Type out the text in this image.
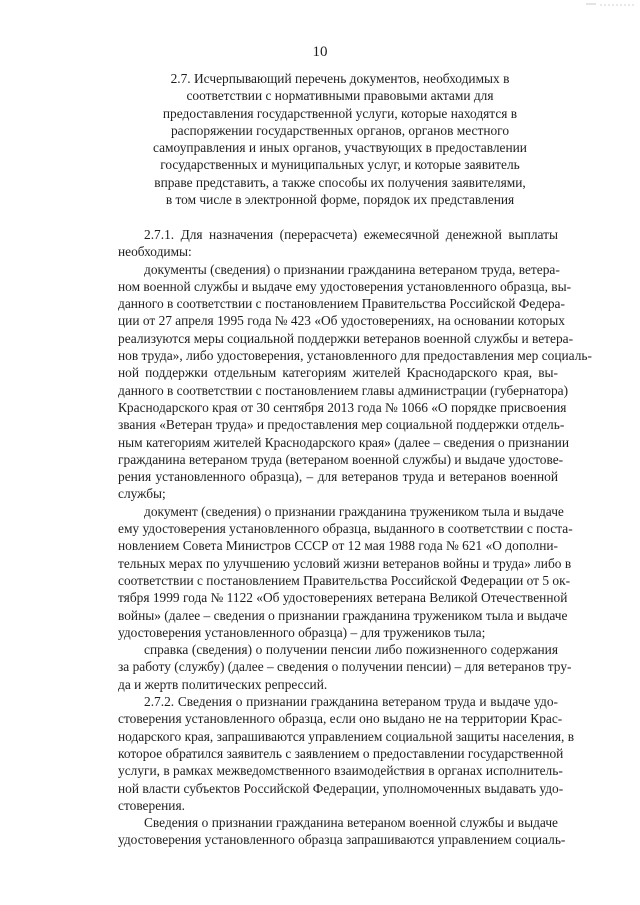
10
2.7. Исчерпывающий перечень документов, необходимых в
соответствии с нормативными правовыми актами для
предоставления государственной услуги, которые находятся в
распоряжении государственных органов, органов местного
самоуправления и иных органов, участвующих в предоставлении
государственных и муниципальных услуг, и которые заявитель
вправе представить, а также способы их получения заявителями,
в том числе в электронной форме, порядок их представления

2.7.1. Для назначения (перерасчета) ежемесячной денежной выплаты
необходимы:

документы (сведения) о признании гражданина ветераном труда, ветера-
ном военной службы и выдаче ему удостоверения установленного образца, вы-
данного в соответствии с постановлением Правительства Российской Федера-
ции от 27 апреля 1995 года № 423 «Об удостоверениях, на основании которых
реализуются меры социальной поддержки ветеранов военной службы и ветера-
нов труда», либо удостоверения, установленного для предоставления мер социаль-
ной поддержки отдельным категориям жителей Краснодарского края, вы-
данного в соответствии с постановлением главы администрации (губернатора)
Краснодарского края от 30 сентября 2013 года № 1066 «О порядке присвоения
звания «Ветеран труда» и предоставления мер социальной поддержки отдель-
ным категориям жителей Краснодарского края» (далее – сведения о признании
гражданина ветераном труда (ветераном военной службы) и выдаче удостове-
рения установленного образца), – для ветеранов труда и ветеранов военной
службы;

документ (сведения) о признании гражданина тружеником тыла и выдаче
ему удостоверения установленного образца, выданного в соответствии с поста-
новлением Совета Министров СССР от 12 мая 1988 года № 621 «О дополни-
тельных мерах по улучшению условий жизни ветеранов войны и труда» либо в
соответствии с постановлением Правительства Российской Федерации от 5 ок-
тября 1999 года № 1122 «Об удостоверениях ветерана Великой Отечественной
войны» (далее – сведения о признании гражданина тружеником тыла и выдаче
удостоверения установленного образца) – для тружеников тыла;

справка (сведения) о получении пенсии либо пожизненного содержания
за работу (службу) (далее – сведения о получении пенсии) – для ветеранов тру-
да и жертв политических репрессий.

2.7.2. Сведения о признании гражданина ветераном труда и выдаче удо-
стоверения установленного образца, если оно выдано не на территории Крас-
нодарского края, запрашиваются управлением социальной защиты населения, в
которое обратился заявитель с заявлением о предоставлении государственной
услуги, в рамках межведомственного взаимодействия в органах исполнитель-
ной власти субъектов Российской Федерации, уполномоченных выдавать удо-
стоверения.

Сведения о признании гражданина ветераном военной службы и выдаче
удостоверения установленного образца запрашиваются управлением социаль-
